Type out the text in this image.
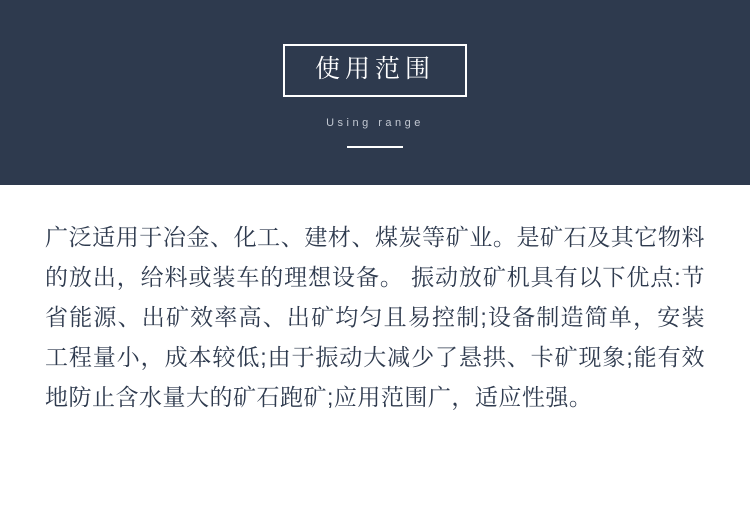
使用范围
Using range
广泛适用于冶金、化工、建材、煤炭等矿业。是矿石及其它物料的放出，给料或装车的理想设备。 振动放矿机具有以下优点:节省能源、出矿效率高、出矿均匀且易控制;设备制造简单，安装工程量小，成本较低;由于振动大减少了悬拱、卡矿现象;能有效地防止含水量大的矿石跑矿;应用范围广，适应性强。
